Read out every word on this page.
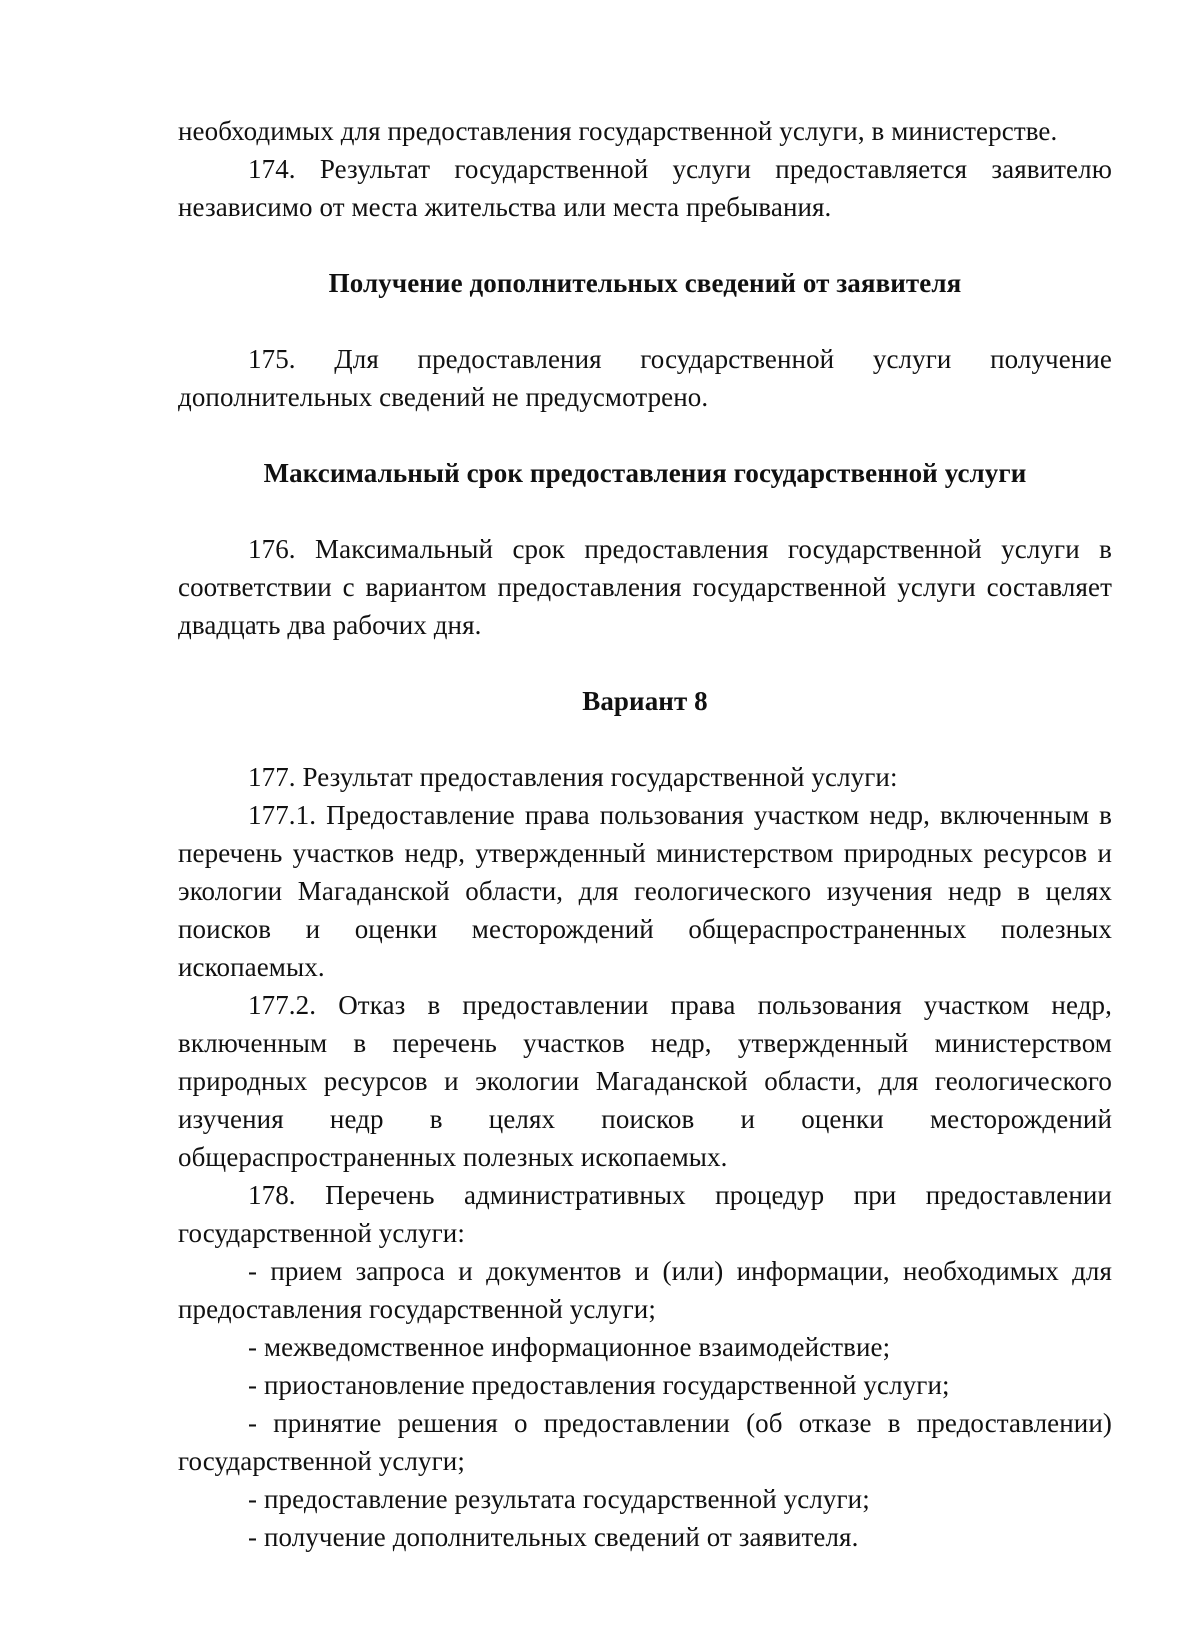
необходимых для предоставления государственной услуги, в министерстве.

174. Результат государственной услуги предоставляется заявителю независимо от места жительства или места пребывания.

Получение дополнительных сведений от заявителя

175. Для предоставления государственной услуги получение дополнительных сведений не предусмотрено.

Максимальный срок предоставления государственной услуги

176. Максимальный срок предоставления государственной услуги в соответствии с вариантом предоставления государственной услуги составляет двадцать два рабочих дня.

Вариант 8

177. Результат предоставления государственной услуги:

177.1. Предоставление права пользования участком недр, включенным в перечень участков недр, утвержденный министерством природных ресурсов и экологии Магаданской области, для геологического изучения недр в целях поисков и оценки месторождений общераспространенных полезных ископаемых.

177.2. Отказ в предоставлении права пользования участком недр, включенным в перечень участков недр, утвержденный министерством природных ресурсов и экологии Магаданской области, для геологического изучения недр в целях поисков и оценки месторождений общераспространенных полезных ископаемых.

178. Перечень административных процедур при предоставлении государственной услуги:

- прием запроса и документов и (или) информации, необходимых для предоставления государственной услуги;

- межведомственное информационное взаимодействие;

- приостановление предоставления государственной услуги;

- принятие решения о предоставлении (об отказе в предоставлении) государственной услуги;

- предоставление результата государственной услуги;

- получение дополнительных сведений от заявителя.
